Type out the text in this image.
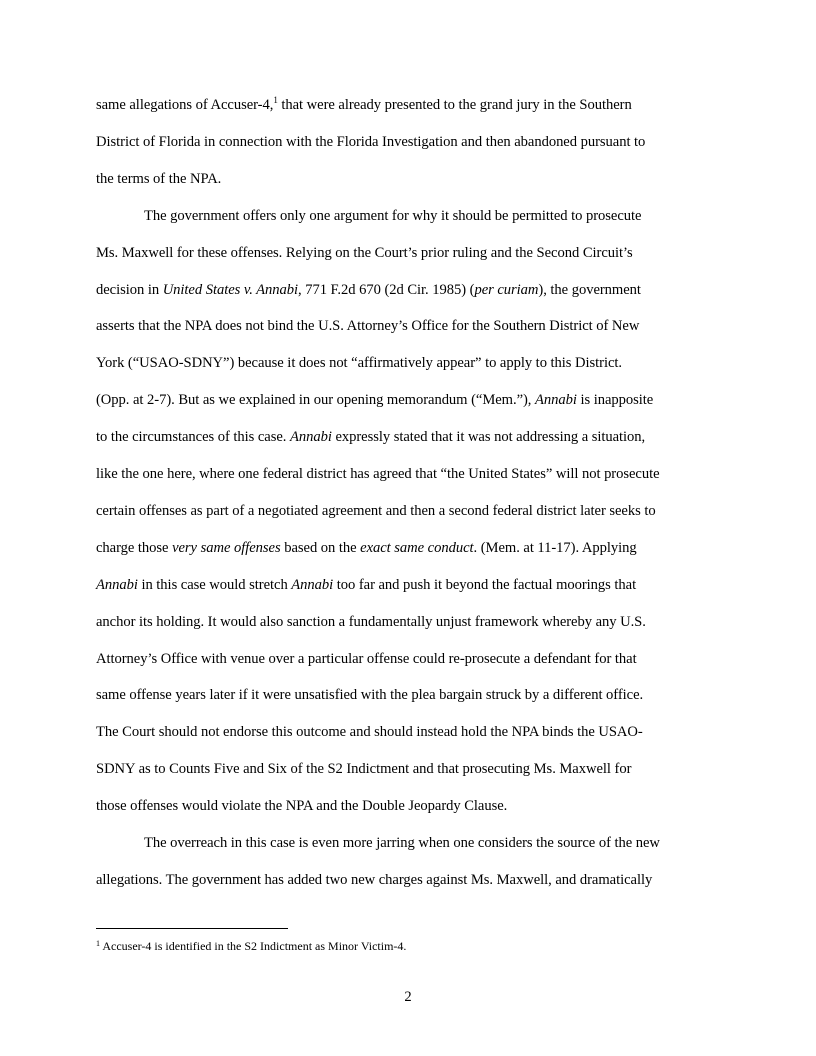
same allegations of Accuser-4,$^1$ that were already presented to the grand jury in the Southern
District of Florida in connection with the Florida Investigation and then abandoned pursuant to
the terms of the NPA.
The government offers only one argument for why it should be permitted to prosecute
Ms. Maxwell for these offenses. Relying on the Court’s prior ruling and the Second Circuit’s
decision in United States v. Annabi, 771 F.2d 670 (2d Cir. 1985) (per curiam), the government
asserts that the NPA does not bind the U.S. Attorney’s Office for the Southern District of New
York (“USAO-SDNY”) because it does not “affirmatively appear” to apply to this District.
(Opp. at 2-7). But as we explained in our opening memorandum (“Mem.”), Annabi is inapposite
to the circumstances of this case. Annabi expressly stated that it was not addressing a situation,
like the one here, where one federal district has agreed that “the United States” will not prosecute
certain offenses as part of a negotiated agreement and then a second federal district later seeks to
charge those very same offenses based on the exact same conduct. (Mem. at 11-17). Applying
Annabi in this case would stretch Annabi too far and push it beyond the factual moorings that
anchor its holding. It would also sanction a fundamentally unjust framework whereby any U.S.
Attorney’s Office with venue over a particular offense could re-prosecute a defendant for that
same offense years later if it were unsatisfied with the plea bargain struck by a different office.
The Court should not endorse this outcome and should instead hold the NPA binds the USAO-
SDNY as to Counts Five and Six of the S2 Indictment and that prosecuting Ms. Maxwell for
those offenses would violate the NPA and the Double Jeopardy Clause.
The overreach in this case is even more jarring when one considers the source of the new
allegations. The government has added two new charges against Ms. Maxwell, and dramatically
$^1$ Accuser-4 is identified in the S2 Indictment as Minor Victim-4.
2
